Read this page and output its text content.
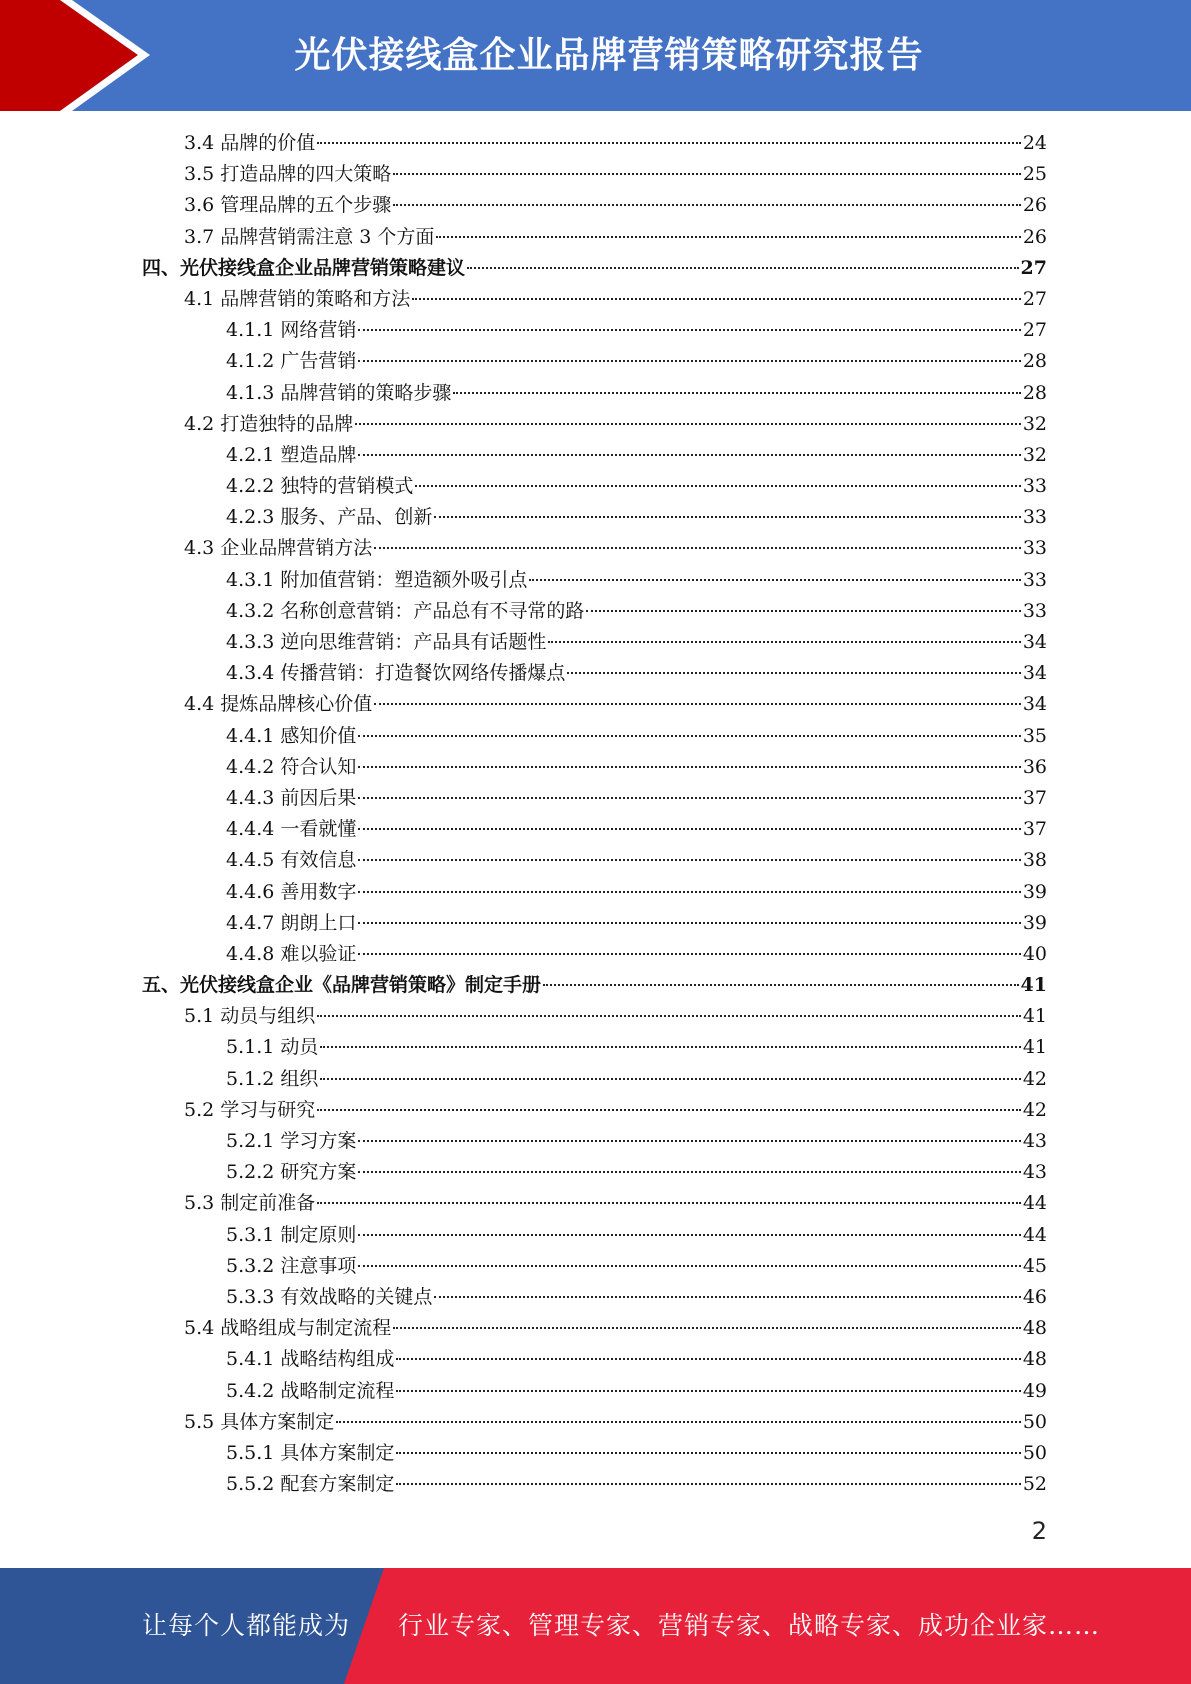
光伏接线盒企业品牌营销策略研究报告
3.4 品牌的价值	24
3.5 打造品牌的四大策略	25
3.6 管理品牌的五个步骤	26
3.7 品牌营销需注意 3 个方面	26
四、光伏接线盒企业品牌营销策略建议	27
4.1 品牌营销的策略和方法	27
4.1.1 网络营销	27
4.1.2 广告营销	28
4.1.3 品牌营销的策略步骤	28
4.2 打造独特的品牌	32
4.2.1 塑造品牌	32
4.2.2 独特的营销模式	33
4.2.3 服务、产品、创新	33
4.3 企业品牌营销方法	33
4.3.1 附加值营销：塑造额外吸引点	33
4.3.2 名称创意营销：产品总有不寻常的路	33
4.3.3 逆向思维营销：产品具有话题性	34
4.3.4 传播营销：打造餐饮网络传播爆点	34
4.4 提炼品牌核心价值	34
4.4.1 感知价值	35
4.4.2 符合认知	36
4.4.3 前因后果	37
4.4.4 一看就懂	37
4.4.5 有效信息	38
4.4.6 善用数字	39
4.4.7 朗朗上口	39
4.4.8 难以验证	40
五、光伏接线盒企业《品牌营销策略》制定手册	41
5.1 动员与组织	41
5.1.1 动员	41
5.1.2 组织	42
5.2 学习与研究	42
5.2.1 学习方案	43
5.2.2 研究方案	43
5.3 制定前准备	44
5.3.1 制定原则	44
5.3.2 注意事项	45
5.3.3 有效战略的关键点	46
5.4 战略组成与制定流程	48
5.4.1 战略结构组成	48
5.4.2 战略制定流程	49
5.5 具体方案制定	50
5.5.1 具体方案制定	50
5.5.2 配套方案制定	52
2
让每个人都能成为 行业专家、管理专家、营销专家、战略专家、成功企业家……
